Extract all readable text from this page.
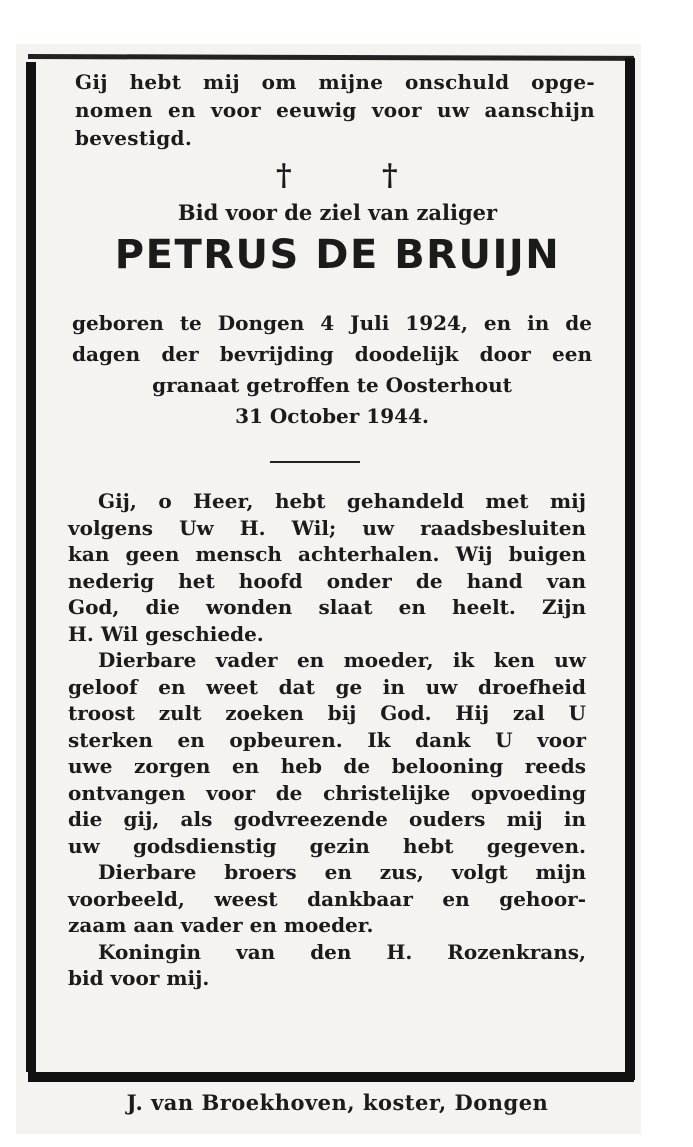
Gij hebt mij om mijne onschuld opge-
nomen en voor eeuwig voor uw aanschijn
bevestigd.
†	†
Bid voor de ziel van zaliger
PETRUS DE BRUIJN
geboren te Dongen 4 Juli 1924, en in de
dagen der bevrijding doodelijk door een
granaat getroffen te Oosterhout
31 October 1944.
Gij, o Heer, hebt gehandeld met mij
volgens Uw H. Wil; uw raadsbesluiten
kan geen mensch achterhalen. Wij buigen
nederig het hoofd onder de hand van
God, die wonden slaat en heelt. Zijn
H. Wil geschiede.
Dierbare vader en moeder, ik ken uw
geloof en weet dat ge in uw droefheid
troost zult zoeken bij God. Hij zal U
sterken en opbeuren. Ik dank U voor
uwe zorgen en heb de belooning reeds
ontvangen voor de christelijke opvoeding
die gij, als godvreezende ouders mij in
uw godsdienstig gezin hebt gegeven.
Dierbare broers en zus, volgt mijn
voorbeeld, weest dankbaar en gehoor-
zaam aan vader en moeder.
Koningin van den H. Rozenkrans,
bid voor mij.
J. van Broekhoven, koster, Dongen
